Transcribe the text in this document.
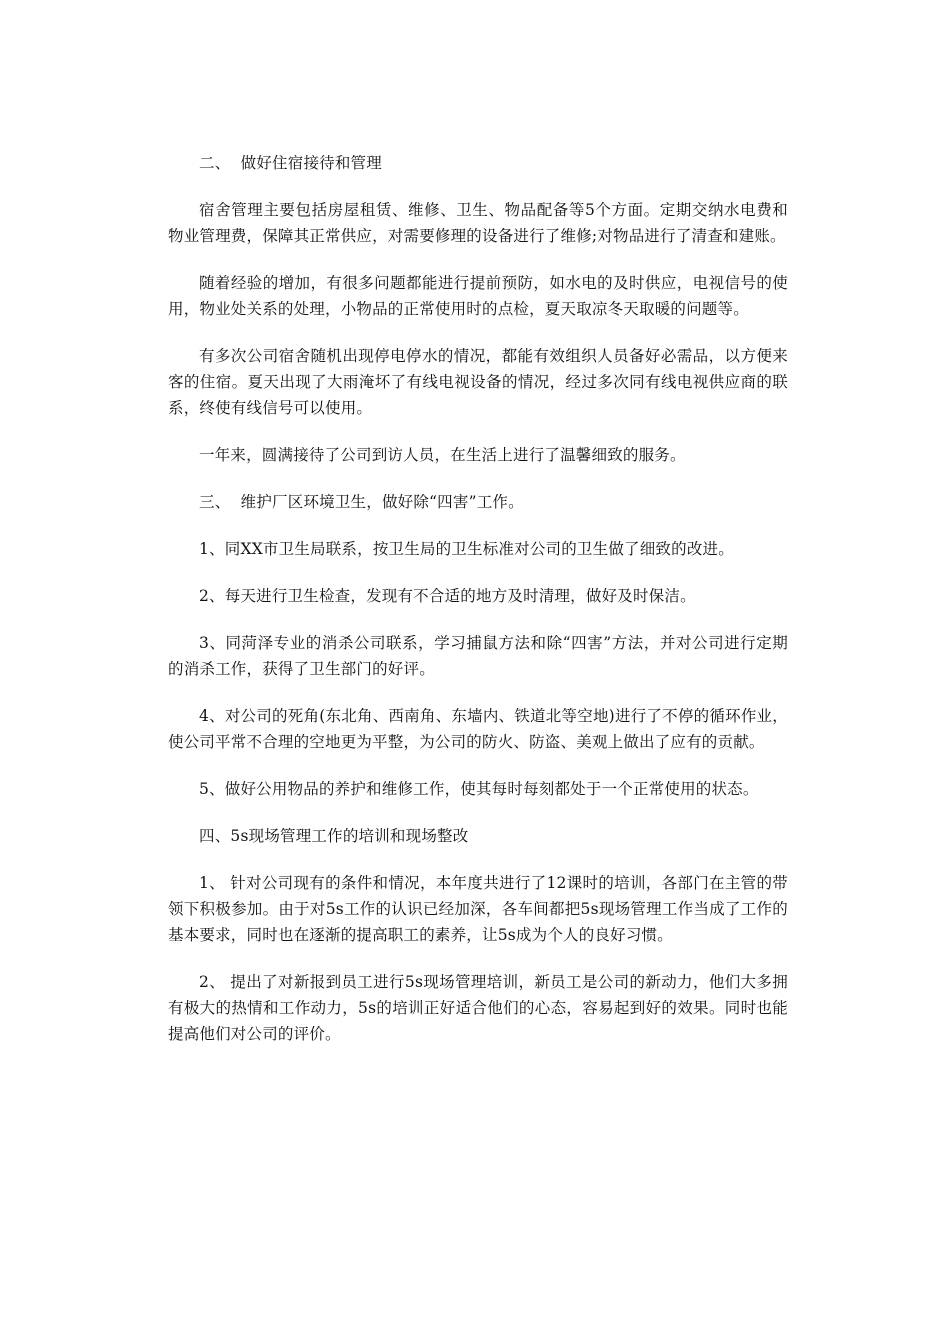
二、  做好住宿接待和管理

宿舍管理主要包括房屋租赁、维修、卫生、物品配备等5个方面。定期交纳水电费和物业管理费，保障其正常供应，对需要修理的设备进行了维修;对物品进行了清查和建账。

随着经验的增加，有很多问题都能进行提前预防，如水电的及时供应，电视信号的使用，物业处关系的处理，小物品的正常使用时的点检，夏天取凉冬天取暖的问题等。

有多次公司宿舍随机出现停电停水的情况，都能有效组织人员备好必需品，以方便来客的住宿。夏天出现了大雨淹坏了有线电视设备的情况，经过多次同有线电视供应商的联系，终使有线信号可以使用。

一年来，圆满接待了公司到访人员，在生活上进行了温馨细致的服务。

三、  维护厂区环境卫生，做好除“四害”工作。

1、同XX市卫生局联系，按卫生局的卫生标准对公司的卫生做了细致的改进。

2、每天进行卫生检查，发现有不合适的地方及时清理，做好及时保洁。

3、同菏泽专业的消杀公司联系，学习捕鼠方法和除“四害”方法，并对公司进行定期的消杀工作，获得了卫生部门的好评。

4、对公司的死角(东北角、西南角、东墙内、铁道北等空地)进行了不停的循环作业，使公司平常不合理的空地更为平整，为公司的防火、防盗、美观上做出了应有的贡献。

5、做好公用物品的养护和维修工作，使其每时每刻都处于一个正常使用的状态。

四、5s现场管理工作的培训和现场整改

1、 针对公司现有的条件和情况，本年度共进行了12课时的培训，各部门在主管的带领下积极参加。由于对5s工作的认识已经加深，各车间都把5s现场管理工作当成了工作的基本要求，同时也在逐渐的提高职工的素养，让5s成为个人的良好习惯。

2、 提出了对新报到员工进行5s现场管理培训，新员工是公司的新动力，他们大多拥有极大的热情和工作动力，5s的培训正好适合他们的心态，容易起到好的效果。同时也能提高他们对公司的评价。
